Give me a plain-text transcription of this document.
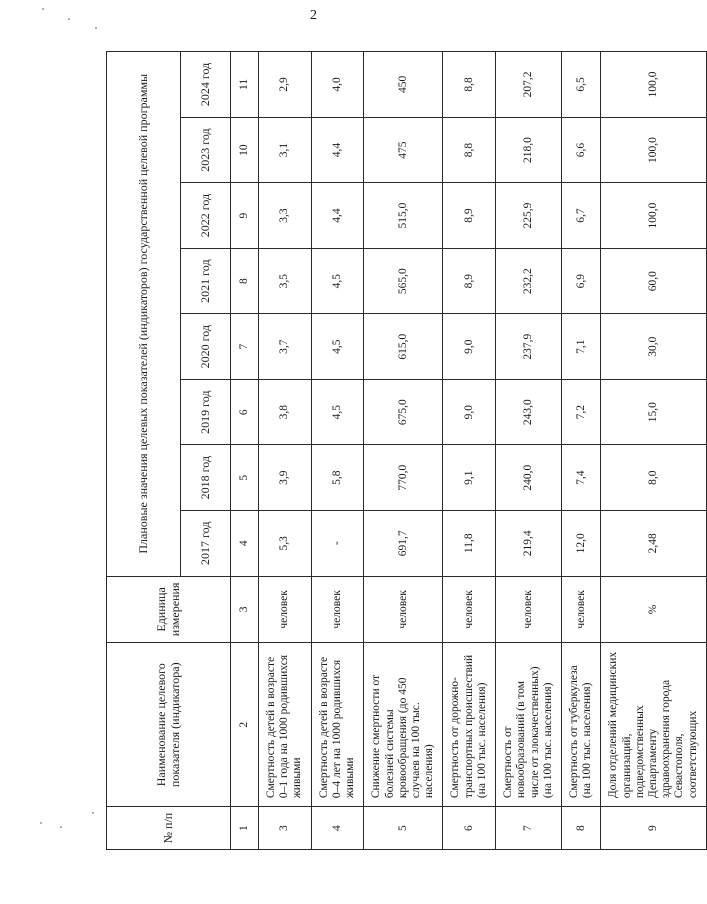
2
№ п/п	Наименование целевого показателя (индикатора)	Единица измерения	Плановые значения целевых показателей (индикаторов) государственной целевой программы							
			2017 год	2018 год	2019 год	2020 год	2021 год	2022 год	2023 год	2024 год
1	2	3	4	5	6	7	8	9	10	11
3	Смертность детей в возрасте 0–1 года на 1000 родившихся живыми	человек	5,3	3,9	3,8	3,7	3,5	3,3	3,1	2,9
4	Смертность детей в возрасте 0–4 лет на 1000 родившихся живыми	человек	-	5,8	4,5	4,5	4,5	4,4	4,4	4,0
5	Снижение смертности от болезней системы кровообращения (до 450 случаев на 100 тыс. населения)	человек	691,7	770,0	675,0	615,0	565,0	515,0	475	450
6	Смертность от дорожно-транспортных происшествий (на 100 тыс. населения)	человек	11,8	9,1	9,0	9,0	8,9	8,9	8,8	8,8
7	Смертность от новообразований (в том числе от злокачественных) (на 100 тыс. населения)	человек	219,4	240,0	243,0	237,9	232,2	225,9	218,0	207,2
8	Смертность от туберкулеза (на 100 тыс. населения)	человек	12,0	7,4	7,2	7,1	6,9	6,7	6,6	6,5
9	Доля отделений медицинских организаций, подведомственных Департаменту здравоохранения города Севастополя, соответствующих	%	2,48	8,0	15,0	30,0	60,0	100,0	100,0	100,0
